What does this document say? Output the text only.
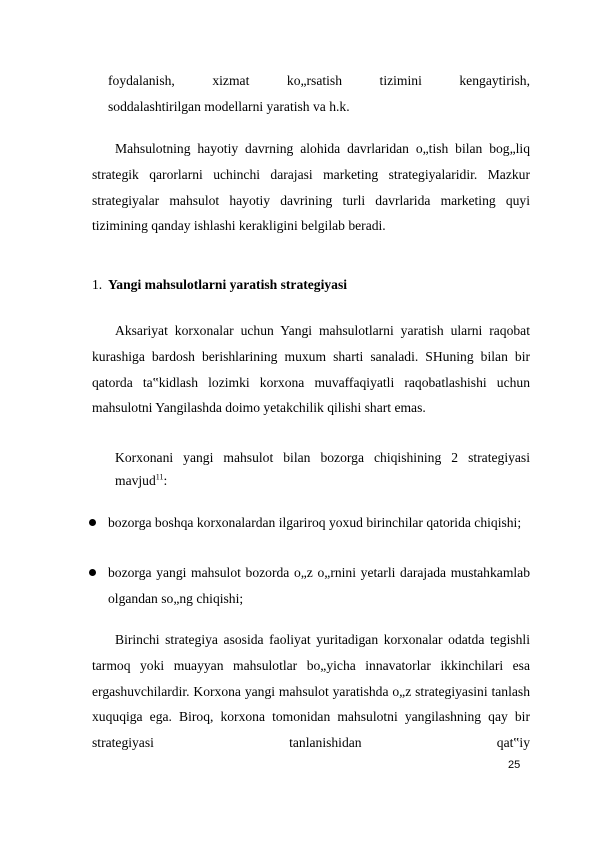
foydalanish, xizmat ko„rsatish tizimini kengaytirish,
soddalashtirilgan modellarni yaratish va h.k.
Mahsulotning hayotiy davrning alohida davrlaridan o„tish bilan bog„liq strategik qarorlarni uchinchi darajasi marketing strategiyalaridir. Mazkur strategiyalar mahsulot hayotiy davrining turli davrlarida marketing quyi tizimining qanday ishlashi kerakligini belgilab beradi.
1. Yangi mahsulotlarni yaratish strategiyasi
Aksariyat korxonalar uchun Yangi mahsulotlarni yaratish ularni raqobat kurashiga bardosh berishlarining muxum sharti sanaladi. SHuning bilan bir qatorda ta‟kidlash lozimki korxona muvaffaqiyatli raqobatlashishi uchun mahsulotni Yangilashda doimo yetakchilik qilishi shart emas.
Korxonani yangi mahsulot bilan bozorga chiqishining 2 strategiyasi mavjud$^{11}$:
bozorga boshqa korxonalardan ilgariroq yoxud birinchilar qatorida chiqishi;
bozorga yangi mahsulot bozorda o„z o„rnini yetarli darajada mustahkamlab olgandan so„ng chiqishi;
Birinchi strategiya asosida faoliyat yuritadigan korxonalar odatda tegishli tarmoq yoki muayyan mahsulotlar bo„yicha innavatorlar ikkinchilari esa ergashuvchilardir. Korxona yangi mahsulot yaratishda o„z strategiyasini tanlash xuquqiga ega. Biroq, korxona tomonidan mahsulotni yangilashning qay bir strategiyasi tanlanishidan qat‟iy
25
